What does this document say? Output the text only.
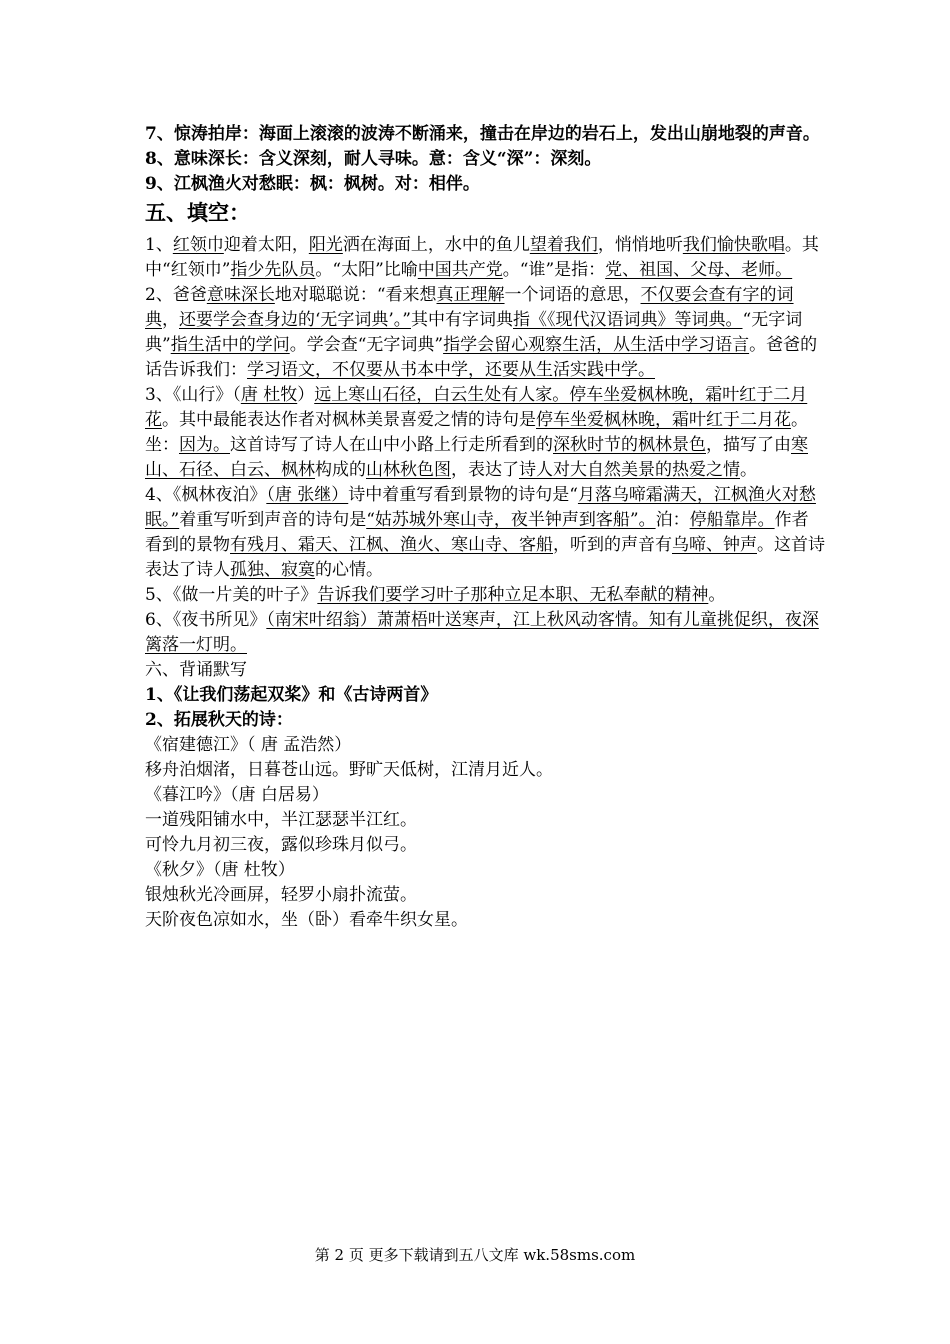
7、惊涛拍岸：海面上滚滚的波涛不断涌来，撞击在岸边的岩石上，发出山崩地裂的声音。

8、意味深长：含义深刻，耐人寻味。意：含义“深”：深刻。

9、江枫渔火对愁眠：枫：枫树。对：相伴。

五、填空：

1、红领巾迎着太阳，阳光洒在海面上，水中的鱼儿望着我们，悄悄地听我们愉快歌唱。其中“红领巾”指少先队员。“太阳”比喻中国共产党。“谁”是指：党、祖国、父母、老师。

2、爸爸意味深长地对聪聪说：“看来想真正理解一个词语的意思，不仅要会查有字的词典，还要学会查身边的‘无字词典’。”其中有字词典指《《现代汉语词典》等词典。“无字词典”指生活中的学问。学会查“无字词典”指学会留心观察生活，从生活中学习语言。爸爸的话告诉我们：学习语文，不仅要从书本中学，还要从生活实践中学。

3、《山行》（唐 杜牧）远上寒山石径，白云生处有人家。停车坐爱枫林晚，霜叶红于二月花。其中最能表达作者对枫林美景喜爱之情的诗句是停车坐爱枫林晚，霜叶红于二月花。坐：因为。这首诗写了诗人在山中小路上行走所看到的深秋时节的枫林景色，描写了由寒山、石径、白云、枫林构成的山林秋色图，表达了诗人对大自然美景的热爱之情。

4、《枫林夜泊》（唐 张继）诗中着重写看到景物的诗句是“月落乌啼霜满天，江枫渔火对愁眠。”着重写听到声音的诗句是“姑苏城外寒山寺，夜半钟声到客船”。泊：停船靠岸。作者看到的景物有残月、霜天、江枫、渔火、寒山寺、客船，听到的声音有乌啼、钟声。这首诗表达了诗人孤独、寂寞的心情。

5、《做一片美的叶子》告诉我们要学习叶子那种立足本职、无私奉献的精神。

6、《夜书所见》（南宋叶绍翁）萧萧梧叶送寒声，江上秋风动客情。知有儿童挑促织，夜深篱落一灯明。

六、背诵默写

1、《让我们荡起双桨》和《古诗两首》

2、拓展秋天的诗：

《宿建德江》（ 唐 孟浩然）

移舟泊烟渚，日暮苍山远。野旷天低树，江清月近人。

《暮江吟》（唐 白居易）

一道残阳铺水中，半江瑟瑟半江红。

可怜九月初三夜，露似珍珠月似弓。

《秋夕》（唐 杜牧）

银烛秋光冷画屏，轻罗小扇扑流萤。

天阶夜色凉如水，坐（卧）看牵牛织女星。

第 2 页 更多下载请到五八文库 wk.58sms.com
